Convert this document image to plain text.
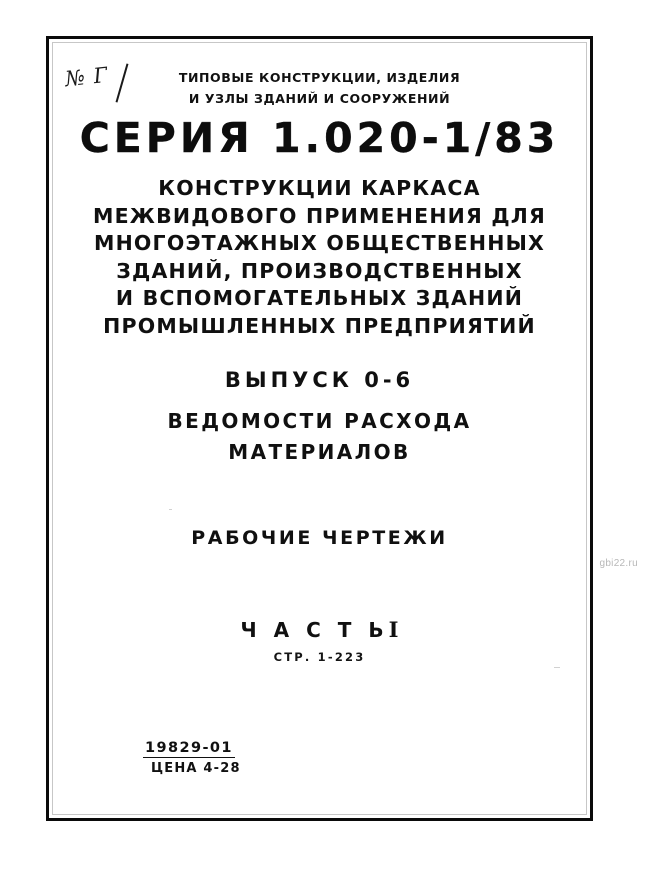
№ Г	ТИПОВЫЕ КОНСТРУКЦИИ, ИЗДЕЛИЯ
И УЗЛЫ ЗДАНИЙ И СООРУЖЕНИЙ
СЕРИЯ 1.020-1/83
КОНСТРУКЦИИ КАРКАСА
МЕЖВИДОВОГО ПРИМЕНЕНИЯ ДЛЯ
МНОГОЭТАЖНЫХ ОБЩЕСТВЕННЫХ
ЗДАНИЙ, ПРОИЗВОДСТВЕННЫХ
И ВСПОМОГАТЕЛЬНЫХ ЗДАНИЙ
ПРОМЫШЛЕННЫХ ПРЕДПРИЯТИЙ
ВЫПУСК 0-6
ВЕДОМОСТИ РАСХОДА
МАТЕРИАЛОВ
РАБОЧИЕ ЧЕРТЕЖИ
Ч А С Т ЬI
СТР. 1-223
19829-01
ЦЕНА 4-28
gbi22.ru
